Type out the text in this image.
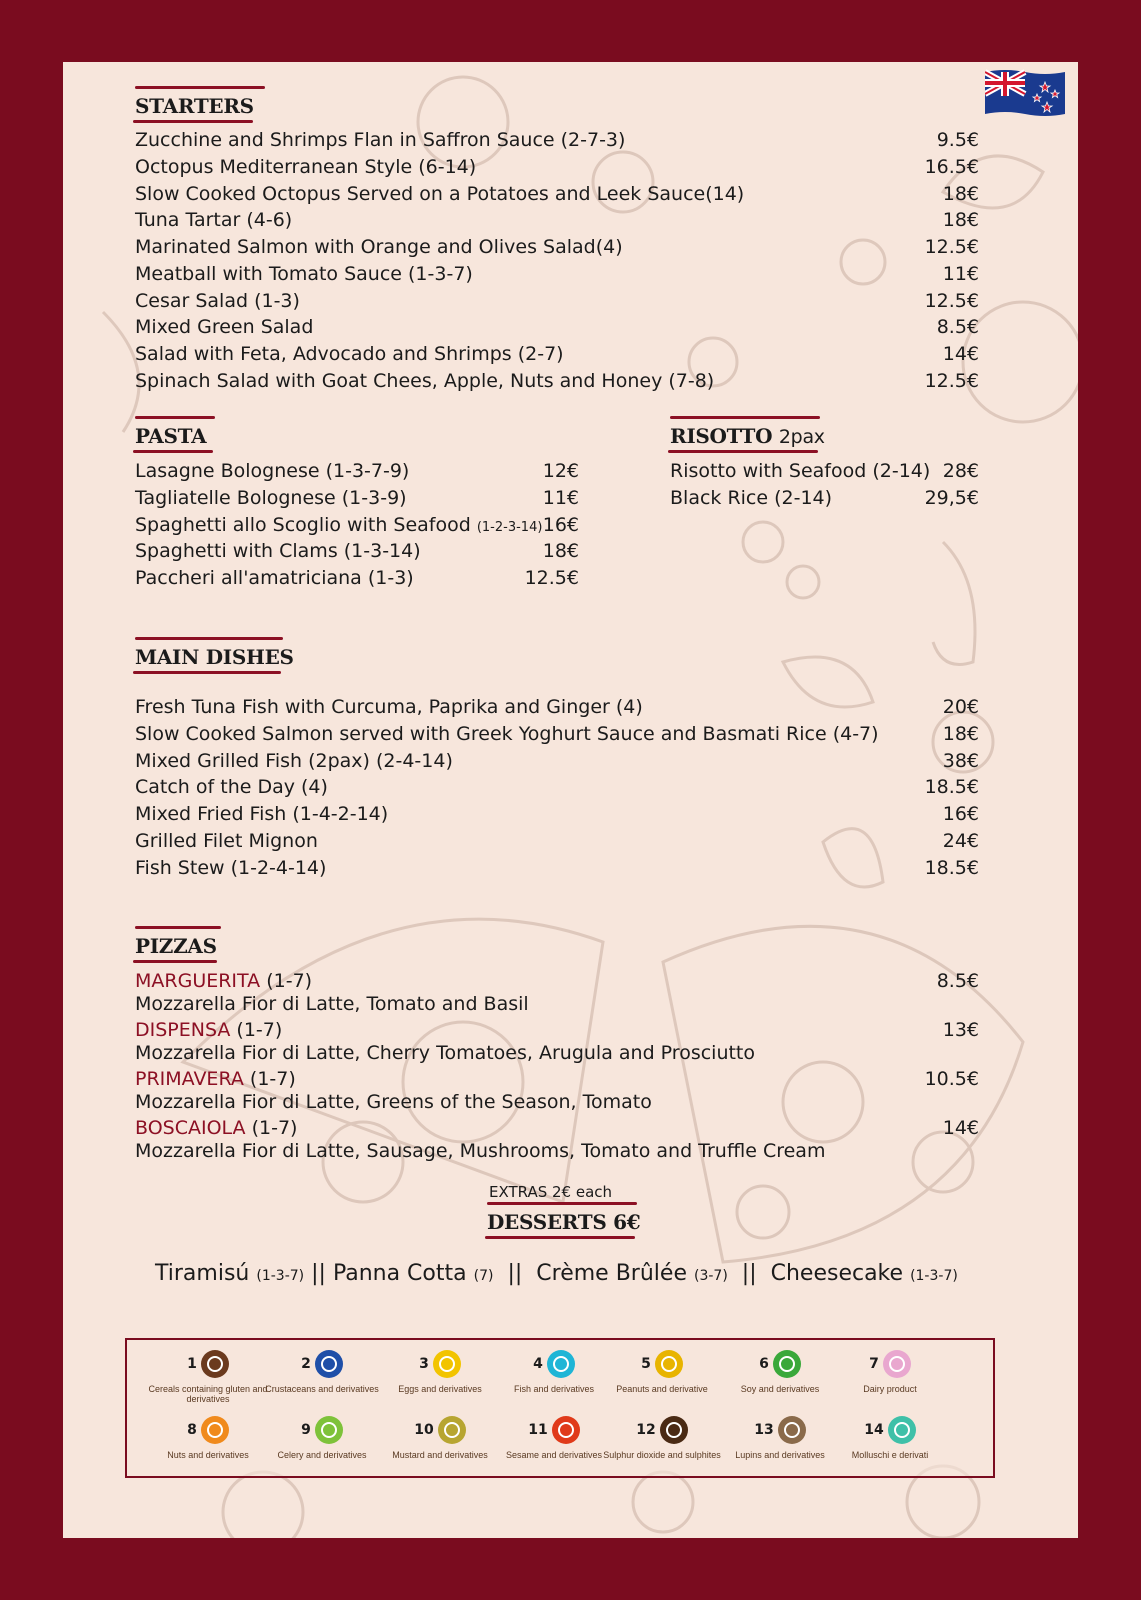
STARTERS
Zucchine and Shrimps Flan in Saffron Sauce (2-7-3)	9.5€
Octopus Mediterranean Style (6-14)	16.5€
Slow Cooked Octopus Served on a Potatoes and Leek Sauce(14)	18€
Tuna Tartar (4-6)	18€
Marinated Salmon with Orange and Olives Salad(4)	12.5€
Meatball with Tomato Sauce (1-3-7)	11€
Cesar Salad (1-3)	12.5€
Mixed Green Salad	8.5€
Salad with Feta, Advocado and Shrimps (2-7)	14€
Spinach Salad with Goat Chees, Apple, Nuts and Honey (7-8)	12.5€
PASTA
Lasagne Bolognese (1-3-7-9)	12€
Tagliatelle Bolognese (1-3-9)	11€
Spaghetti allo Scoglio with Seafood (1-2-3-14) 16€
Spaghetti with Clams (1-3-14)	18€
Paccheri all'amatriciana (1-3)	12.5€
RISOTTO 2pax
Risotto with Seafood (2-14) 28€
Black Rice (2-14)	29,5€
MAIN DISHES
Fresh Tuna Fish with Curcuma, Paprika and Ginger (4)	20€
Slow Cooked Salmon served with Greek Yoghurt Sauce and Basmati Rice (4-7)	18€
Mixed Grilled Fish (2pax) (2-4-14)	38€
Catch of the Day (4)	18.5€
Mixed Fried Fish (1-4-2-14)	16€
Grilled Filet Mignon	24€
Fish Stew (1-2-4-14)	18.5€
PIZZAS
MARGUERITA (1-7)	8.5€
Mozzarella Fior di Latte, Tomato and Basil
DISPENSA (1-7)	13€
Mozzarella Fior di Latte, Cherry Tomatoes, Arugula and Prosciutto
PRIMAVERA (1-7)	10.5€
Mozzarella Fior di Latte, Greens of the Season, Tomato
BOSCAIOLA (1-7)	14€
Mozzarella Fior di Latte, Sausage, Mushrooms, Tomato and Truffle Cream
EXTRAS 2€ each
DESSERTS 6€
Tiramisú (1-3-7) || Panna Cotta (7) || Crème Brûlée (3-7) || Cheesecake (1-3-7)
1
Cereals containing gluten and derivatives
2
Crustaceans and derivatives
3
Eggs and derivatives
4
Fish and derivatives
5
Peanuts and derivative
6
Soy and derivatives
7
Dairy product
8
Nuts and derivatives
9
Celery and derivatives
10
Mustard and derivatives
11
Sesame and derivatives
12
Sulphur dioxide and sulphites
13
Lupins and derivatives
14
Molluschi e derivati
